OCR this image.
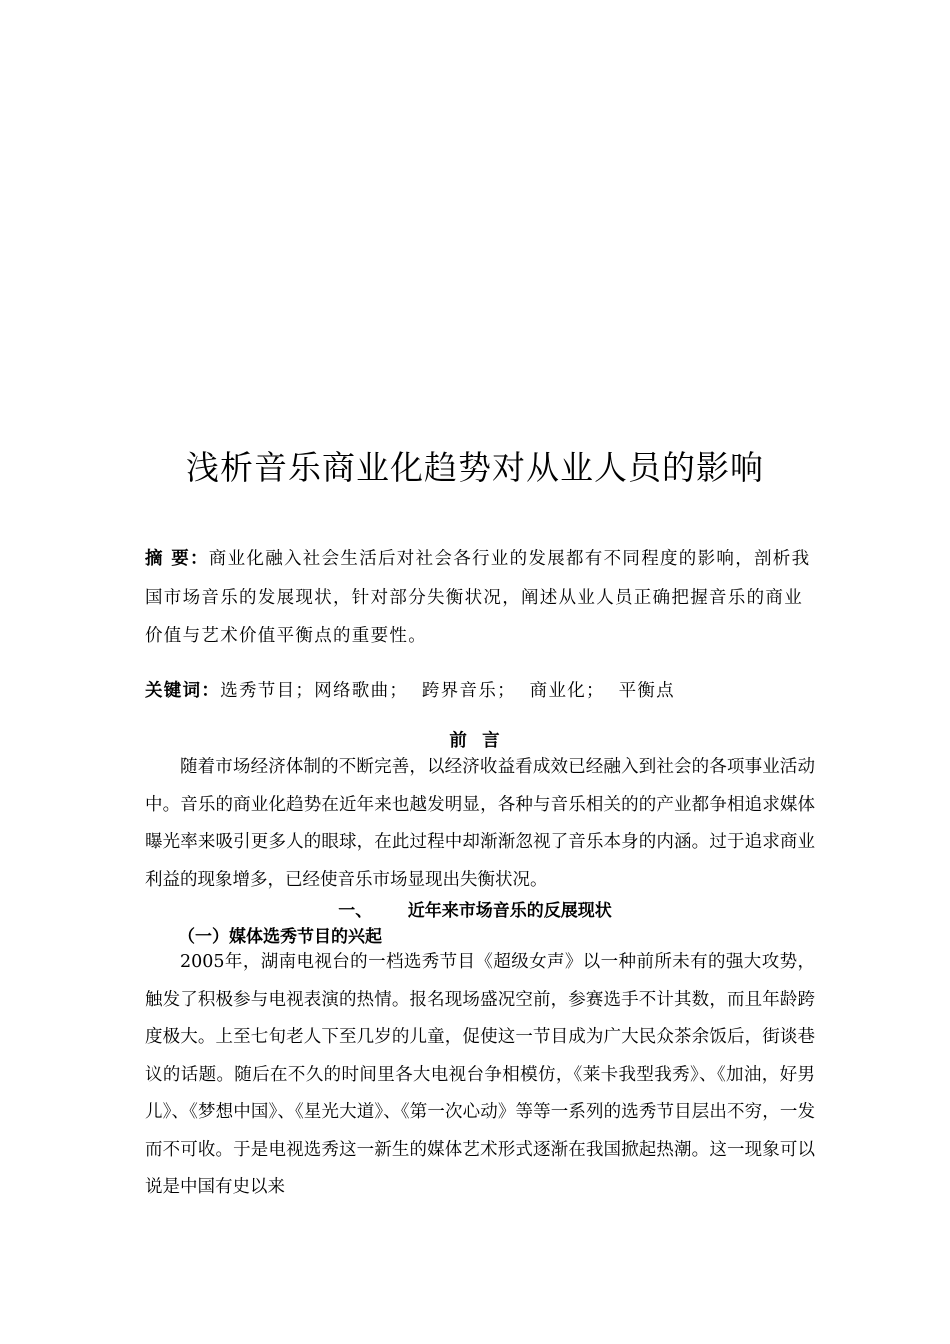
浅析音乐商业化趋势对从业人员的影响
摘 要：商业化融入社会生活后对社会各行业的发展都有不同程度的影响，剖析我国市场音乐的发展现状，针对部分失衡状况，阐述从业人员正确把握音乐的商业价值与艺术价值平衡点的重要性。
关键词：选秀节目；网络歌曲；  跨界音乐；  商业化；  平衡点
前  言
随着市场经济体制的不断完善，以经济收益看成效已经融入到社会的各项事业活动中。音乐的商业化趋势在近年来也越发明显，各种与音乐相关的的产业都争相追求媒体曝光率来吸引更多人的眼球，在此过程中却渐渐忽视了音乐本身的内涵。过于追求商业利益的现象增多，已经使音乐市场显现出失衡状况。
一、      近年来市场音乐的反展现状
（一）媒体选秀节目的兴起
2005年，湖南电视台的一档选秀节目《超级女声》以一种前所未有的强大攻势，触发了积极参与电视表演的热情。报名现场盛况空前，参赛选手不计其数，而且年龄跨度极大。上至七旬老人下至几岁的儿童，促使这一节目成为广大民众茶余饭后，街谈巷议的话题。随后在不久的时间里各大电视台争相模仿，《莱卡我型我秀》、《加油，好男儿》、《梦想中国》、《星光大道》、《第一次心动》等等一系列的选秀节目层出不穷，一发而不可收。于是电视选秀这一新生的媒体艺术形式逐渐在我国掀起热潮。这一现象可以说是中国有史以来
